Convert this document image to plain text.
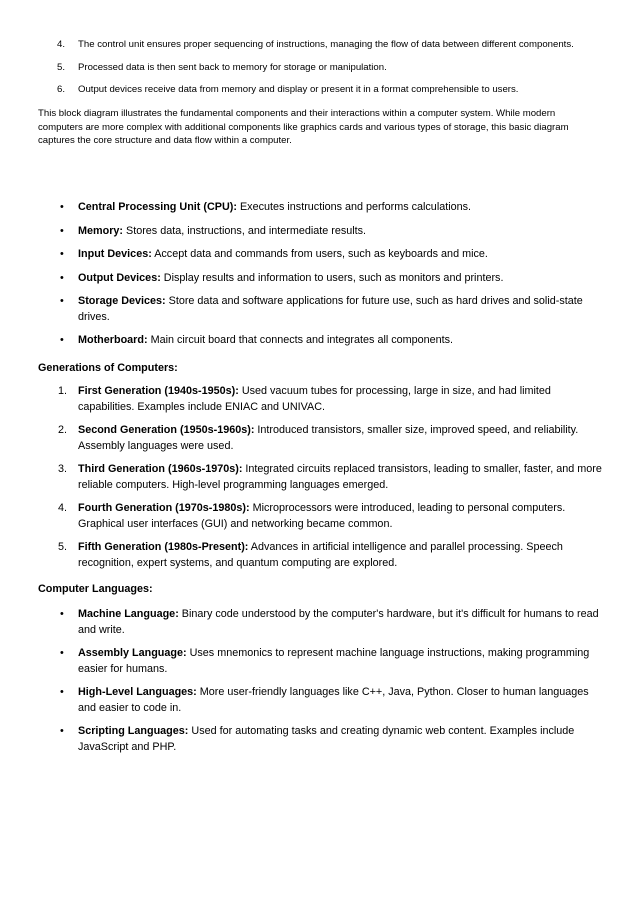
4. The control unit ensures proper sequencing of instructions, managing the flow of data between different components.
5. Processed data is then sent back to memory for storage or manipulation.
6. Output devices receive data from memory and display or present it in a format comprehensible to users.
This block diagram illustrates the fundamental components and their interactions within a computer system. While modern computers are more complex with additional components like graphics cards and various types of storage, this basic diagram captures the core structure and data flow within a computer.
• Central Processing Unit (CPU): Executes instructions and performs calculations.
• Memory: Stores data, instructions, and intermediate results.
• Input Devices: Accept data and commands from users, such as keyboards and mice.
• Output Devices: Display results and information to users, such as monitors and printers.
• Storage Devices: Store data and software applications for future use, such as hard drives and solid-state drives.
• Motherboard: Main circuit board that connects and integrates all components.
Generations of Computers:
1. First Generation (1940s-1950s): Used vacuum tubes for processing, large in size, and had limited capabilities. Examples include ENIAC and UNIVAC.
2. Second Generation (1950s-1960s): Introduced transistors, smaller size, improved speed, and reliability. Assembly languages were used.
3. Third Generation (1960s-1970s): Integrated circuits replaced transistors, leading to smaller, faster, and more reliable computers. High-level programming languages emerged.
4. Fourth Generation (1970s-1980s): Microprocessors were introduced, leading to personal computers. Graphical user interfaces (GUI) and networking became common.
5. Fifth Generation (1980s-Present): Advances in artificial intelligence and parallel processing. Speech recognition, expert systems, and quantum computing are explored.
Computer Languages:
• Machine Language: Binary code understood by the computer's hardware, but it's difficult for humans to read and write.
• Assembly Language: Uses mnemonics to represent machine language instructions, making programming easier for humans.
• High-Level Languages: More user-friendly languages like C++, Java, Python. Closer to human languages and easier to code in.
• Scripting Languages: Used for automating tasks and creating dynamic web content. Examples include JavaScript and PHP.
